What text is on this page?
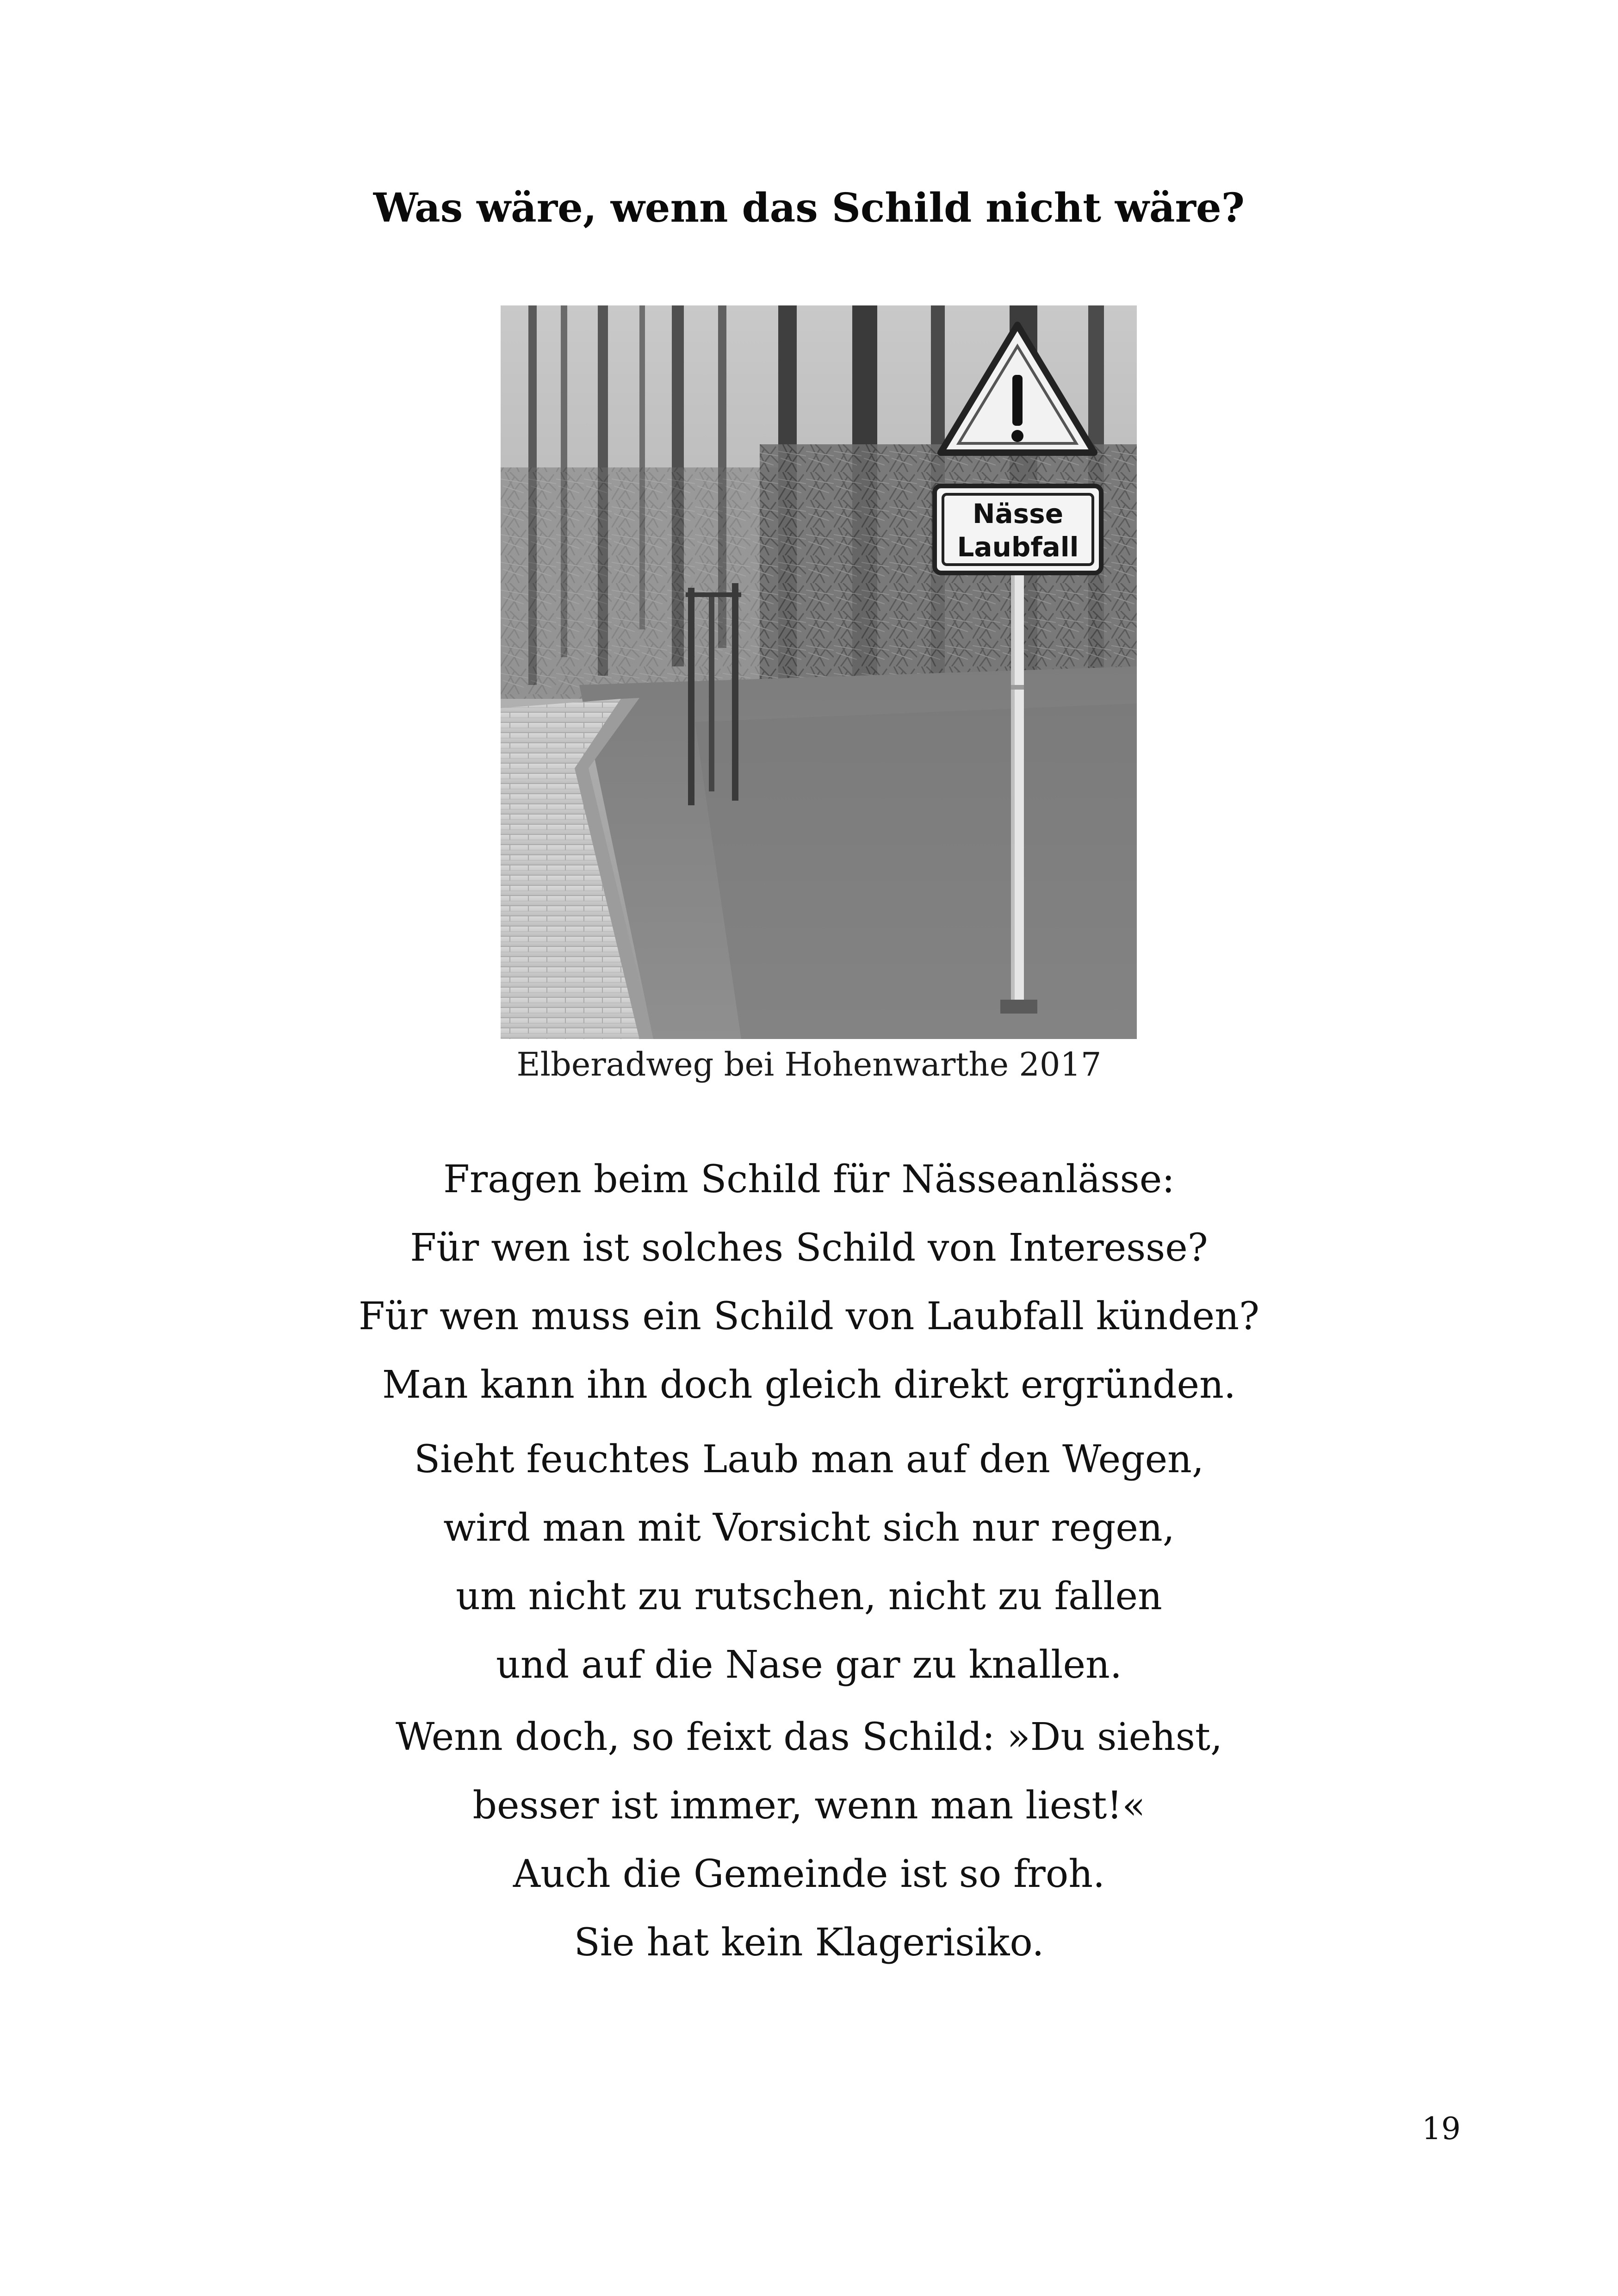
Was wäre, wenn das Schild nicht wäre?
Nässe
Laubfall
Elberadweg bei Hohenwarthe 2017
Fragen beim Schild für Nässeanlässe:
Für wen ist solches Schild von Interesse?
Für wen muss ein Schild von Laubfall künden?
Man kann ihn doch gleich direkt ergründen.
Sieht feuchtes Laub man auf den Wegen,
wird man mit Vorsicht sich nur regen,
um nicht zu rutschen, nicht zu fallen
und auf die Nase gar zu knallen.
Wenn doch, so feixt das Schild: »Du siehst,
besser ist immer, wenn man liest!«
Auch die Gemeinde ist so froh.
Sie hat kein Klagerisiko.
19
